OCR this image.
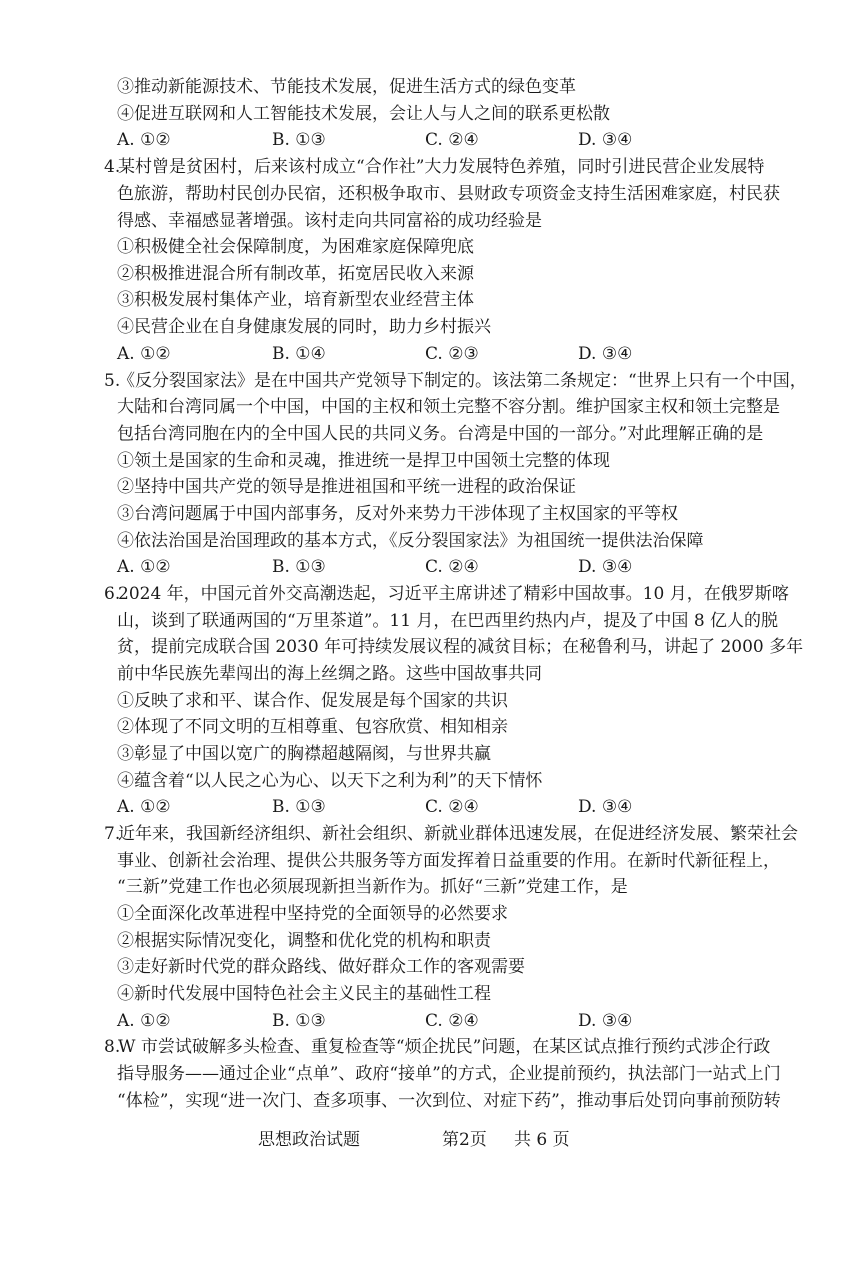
③推动新能源技术、节能技术发展，促进生活方式的绿色变革
④促进互联网和人工智能技术发展，会让人与人之间的联系更松散
A. ①②	B. ①③	C. ②④	D. ③④
4.某村曾是贫困村，后来该村成立“合作社”大力发展特色养殖，同时引进民营企业发展特
色旅游，帮助村民创办民宿，还积极争取市、县财政专项资金支持生活困难家庭，村民获
得感、幸福感显著增强。该村走向共同富裕的成功经验是
①积极健全社会保障制度，为困难家庭保障兜底
②积极推进混合所有制改革，拓宽居民收入来源
③积极发展村集体产业，培育新型农业经营主体
④民营企业在自身健康发展的同时，助力乡村振兴
A. ①②	B. ①④	C. ②③	D. ③④
5.《反分裂国家法》是在中国共产党领导下制定的。该法第二条规定：“世界上只有一个中国，
大陆和台湾同属一个中国，中国的主权和领土完整不容分割。维护国家主权和领土完整是
包括台湾同胞在内的全中国人民的共同义务。台湾是中国的一部分。”对此理解正确的是
①领土是国家的生命和灵魂，推进统一是捍卫中国领土完整的体现
②坚持中国共产党的领导是推进祖国和平统一进程的政治保证
③台湾问题属于中国内部事务，反对外来势力干涉体现了主权国家的平等权
④依法治国是治国理政的基本方式，《反分裂国家法》为祖国统一提供法治保障
A. ①②	B. ①③	C. ②④	D. ③④
6.2024 年，中国元首外交高潮迭起，习近平主席讲述了精彩中国故事。10 月，在俄罗斯喀
山，谈到了联通两国的“万里茶道”。11 月，在巴西里约热内卢，提及了中国 8 亿人的脱
贫，提前完成联合国 2030 年可持续发展议程的减贫目标；在秘鲁利马，讲起了 2000 多年
前中华民族先辈闯出的海上丝绸之路。这些中国故事共同
①反映了求和平、谋合作、促发展是每个国家的共识
②体现了不同文明的互相尊重、包容欣赏、相知相亲
③彰显了中国以宽广的胸襟超越隔阂，与世界共赢
④蕴含着“以人民之心为心、以天下之利为利”的天下情怀
A. ①②	B. ①③	C. ②④	D. ③④
7.近年来，我国新经济组织、新社会组织、新就业群体迅速发展，在促进经济发展、繁荣社会
事业、创新社会治理、提供公共服务等方面发挥着日益重要的作用。在新时代新征程上，
“三新”党建工作也必须展现新担当新作为。抓好“三新”党建工作，是
①全面深化改革进程中坚持党的全面领导的必然要求
②根据实际情况变化，调整和优化党的机构和职责
③走好新时代党的群众路线、做好群众工作的客观需要
④新时代发展中国特色社会主义民主的基础性工程
A. ①②	B. ①③	C. ②④	D. ③④
8.W 市尝试破解多头检查、重复检查等“烦企扰民”问题，在某区试点推行预约式涉企行政
指导服务——通过企业“点单”、政府“接单”的方式，企业提前预约，执法部门一站式上门
“体检”，实现“进一次门、查多项事、一次到位、对症下药”，推动事后处罚向事前预防转
思想政治试题	第2页 共 6 页
